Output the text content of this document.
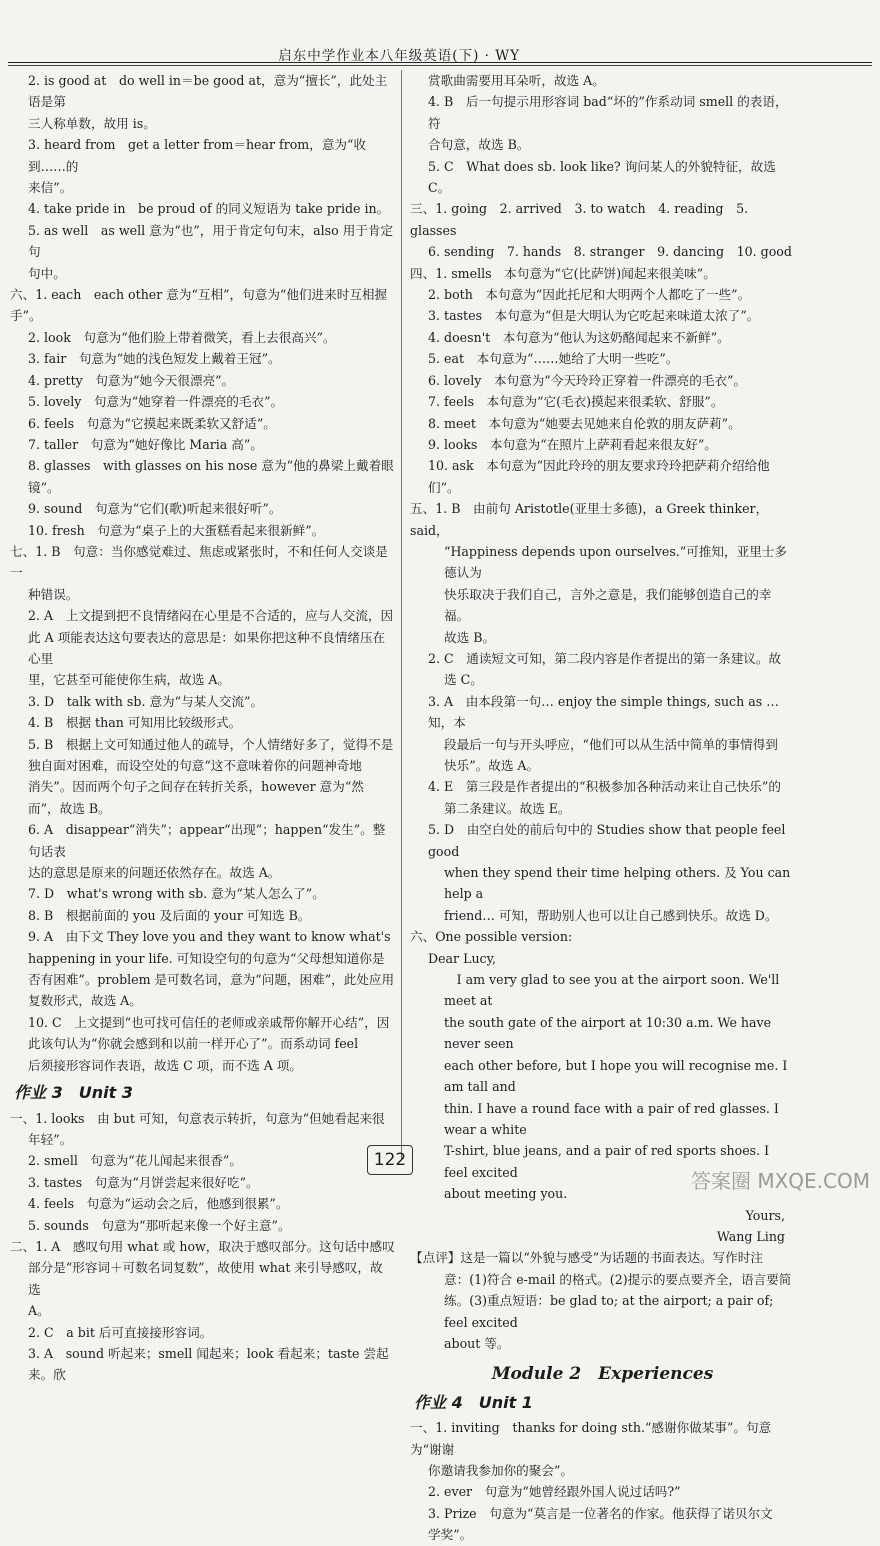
启东中学作业本八年级英语(下) · WY

2. is good at　do well in＝be good at，意为“擅长”，此处主语是第

三人称单数，故用 is。

3. heard from　get a letter from＝hear from，意为“收到……的

来信”。

4. take pride in　be proud of 的同义短语为 take pride in。

5. as well　as well 意为“也”，用于肯定句句末，also 用于肯定句

句中。

六、1. each　each other 意为“互相”，句意为“他们进来时互相握手”。

2. look　句意为“他们脸上带着微笑，看上去很高兴”。

3. fair　句意为“她的浅色短发上戴着王冠”。

4. pretty　句意为“她今天很漂亮”。

5. lovely　句意为“她穿着一件漂亮的毛衣”。

6. feels　句意为“它摸起来既柔软又舒适”。

7. taller　句意为“她好像比 Maria 高”。

8. glasses　with glasses on his nose 意为“他的鼻梁上戴着眼镜”。

9. sound　句意为“它们(歌)听起来很好听”。

10. fresh　句意为“桌子上的大蛋糕看起来很新鲜”。

七、1. B　句意：当你感觉难过、焦虑或紧张时，不和任何人交谈是一

种错误。

2. A　上文提到把不良情绪闷在心里是不合适的，应与人交流，因

此 A 项能表达这句要表达的意思是：如果你把这种不良情绪压在心里

里，它甚至可能使你生病，故选 A。

3. D　talk with sb. 意为“与某人交流”。

4. B　根据 than 可知用比较级形式。

5. B　根据上文可知通过他人的疏导，个人情绪好多了，觉得不是

独自面对困难，而设空处的句意“这不意味着你的问题神奇地

消失”。因而两个句子之间存在转折关系，however 意为“然

而”，故选 B。

6. A　disappear“消失”；appear“出现”；happen“发生”。整句话表

达的意思是原来的问题还依然存在。故选 A。

7. D　what's wrong with sb. 意为“某人怎么了”。

8. B　根据前面的 you 及后面的 your 可知选 B。

9. A　由下文 They love you and they want to know what's

happening in your life. 可知设空句的句意为“父母想知道你是

否有困难”。problem 是可数名词，意为“问题，困难”，此处应用

复数形式，故选 A。

10. C　上文提到“也可找可信任的老师或亲戚帮你解开心结”，因

此该句认为“你就会感到和以前一样开心了”。而系动词 feel

后须接形容词作表语，故选 C 项，而不选 A 项。

作业 3　Unit 3

一、1. looks　由 but 可知，句意表示转折，句意为“但她看起来很

年轻”。

2. smell　句意为“花儿闻起来很香”。

3. tastes　句意为“月饼尝起来很好吃”。

4. feels　句意为“运动会之后，他感到很累”。

5. sounds　句意为“那听起来像一个好主意”。

二、1. A　感叹句用 what 或 how，取决于感叹部分。这句话中感叹

部分是“形容词＋可数名词复数”，故使用 what 来引导感叹，故选

A。

2. C　a bit 后可直接接形容词。

3. A　sound 听起来；smell 闻起来；look 看起来；taste 尝起来。欣

赏歌曲需要用耳朵听，故选 A。

4. B　后一句提示用形容词 bad“坏的”作系动词 smell 的表语，符

合句意，故选 B。

5. C　What does sb. look like? 询问某人的外貌特征，故选 C。

三、1. going　2. arrived　3. to watch　4. reading　5. glasses

6. sending　7. hands　8. stranger　9. dancing　10. good

四、1. smells　本句意为“它(比萨饼)闻起来很美味”。

2. both　本句意为“因此托尼和大明两个人都吃了一些”。

3. tastes　本句意为“但是大明认为它吃起来味道太浓了”。

4. doesn't　本句意为“他认为这奶酪闻起来不新鲜”。

5. eat　本句意为“……她给了大明一些吃”。

6. lovely　本句意为“今天玲玲正穿着一件漂亮的毛衣”。

7. feels　本句意为“它(毛衣)摸起来很柔软、舒服”。

8. meet　本句意为“她要去见她来自伦敦的朋友萨莉”。

9. looks　本句意为“在照片上萨莉看起来很友好”。

10. ask　本句意为“因此玲玲的朋友要求玲玲把萨莉介绍给他们”。

五、1. B　由前句 Aristotle(亚里士多德)，a Greek thinker，said，

“Happiness depends upon ourselves.”可推知，亚里士多德认为

快乐取决于我们自己，言外之意是，我们能够创造自己的幸福。

故选 B。

2. C　通读短文可知，第二段内容是作者提出的第一条建议。故

选 C。

3. A　由本段第一句… enjoy the simple things, such as … 知，本

段最后一句与开头呼应，“他们可以从生活中简单的事情得到

快乐”。故选 A。

4. E　第三段是作者提出的“积极参加各种活动来让自己快乐”的

第二条建议。故选 E。

5. D　由空白处的前后句中的 Studies show that people feel good

when they spend their time helping others. 及 You can help a

friend… 可知，帮助别人也可以让自己感到快乐。故选 D。

六、One possible version:

Dear Lucy,

　I am very glad to see you at the airport soon. We'll meet at

the south gate of the airport at 10:30 a.m. We have never seen

each other before, but I hope you will recognise me. I am tall and

thin. I have a round face with a pair of red glasses. I wear a white

T-shirt, blue jeans, and a pair of red sports shoes. I feel excited

about meeting you.

Yours,

Wang Ling

【点评】这是一篇以“外貌与感受”为话题的书面表达。写作时注

意：(1)符合 e-mail 的格式。(2)提示的要点要齐全，语言要简

练。(3)重点短语：be glad to; at the airport; a pair of; feel excited

about 等。

Module 2　Experiences

作业 4　Unit 1

一、1. inviting　thanks for doing sth.“感谢你做某事”。句意为“谢谢

你邀请我参加你的聚会”。

2. ever　句意为“她曾经跟外国人说过话吗?”

3. Prize　句意为“莫言是一位著名的作家。他获得了诺贝尔文

学奖”。

122
答案圈 MXQE.COM
